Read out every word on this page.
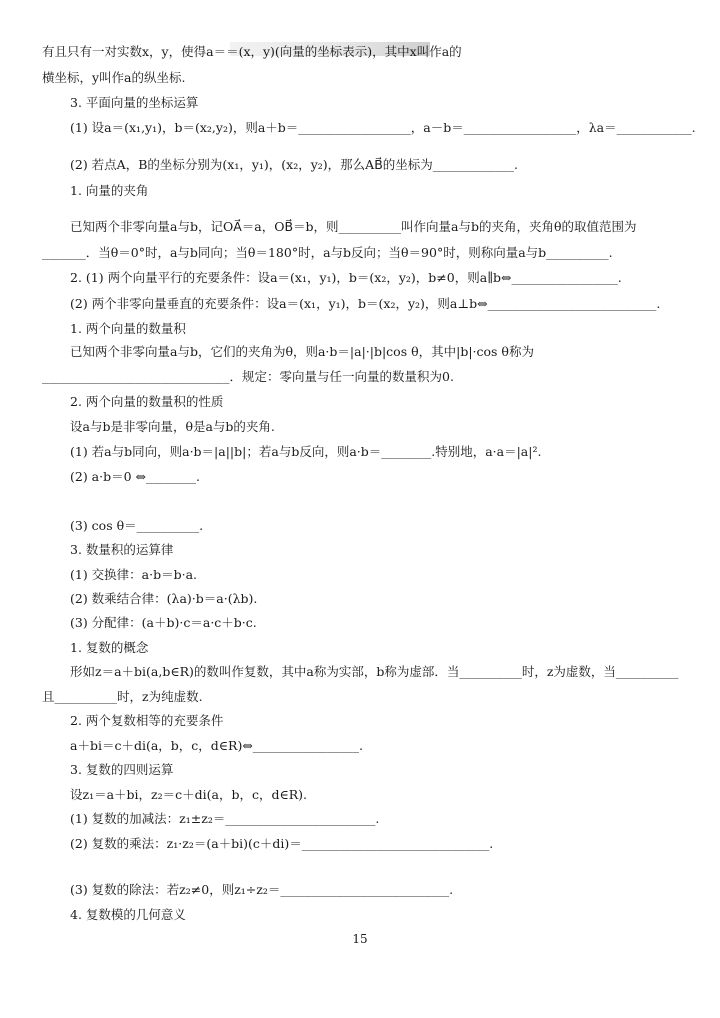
有且只有一对实数x，y，使得a＝＝(x，y)(向量的坐标表示)，其中x叫作a的
横坐标，y叫作a的纵坐标.
3. 平面向量的坐标运算
(1) 设a＝(x₁,y₁)，b＝(x₂,y₂)，则a＋b＝__________________，a－b＝__________________，λa＝____________.
(2) 若点A，B的坐标分别为(x₁，y₁)，(x₂，y₂)，那么AB⃗的坐标为_____________.
1. 向量的夹角
已知两个非零向量a与b，记OA⃗＝a，OB⃗＝b，则__________叫作向量a与b的夹角，夹角θ的取值范围为
_______．当θ＝0°时，a与b同向；当θ＝180°时，a与b反向；当θ＝90°时，则称向量a与b__________.
2. (1) 两个向量平行的充要条件：设a＝(x₁，y₁)，b＝(x₂，y₂)，b≠0，则a∥b⇔_________________.
(2) 两个非零向量垂直的充要条件：设a＝(x₁，y₁)，b＝(x₂，y₂)，则a⊥b⇔___________________________.
1. 两个向量的数量积
已知两个非零向量a与b，它们的夹角为θ，则a·b＝|a|·|b|cos θ，其中|b|·cos θ称为
______________________________．规定：零向量与任一向量的数量积为0.
2. 两个向量的数量积的性质
设a与b是非零向量，θ是a与b的夹角.
(1) 若a与b同向，则a·b＝|a||b|；若a与b反向，则a·b＝________.特别地，a·a＝|a|².
(2) a·b＝0 ⇔________.
(3) cos θ＝__________.
3. 数量积的运算律
(1) 交换律：a·b＝b·a.
(2) 数乘结合律：(λa)·b＝a·(λb).
(3) 分配律：(a＋b)·c＝a·c＋b·c.
1. 复数的概念
形如z＝a＋bi(a,b∈R)的数叫作复数，其中a称为实部，b称为虚部．当__________时，z为虚数，当__________
且__________时，z为纯虚数.
2. 两个复数相等的充要条件
a＋bi＝c＋di(a，b，c，d∈R)⇔_________________.
3. 复数的四则运算
设z₁＝a＋bi，z₂＝c＋di(a，b，c，d∈R).
(1) 复数的加减法：z₁±z₂＝________________________.
(2) 复数的乘法：z₁·z₂＝(a＋bi)(c＋di)＝______________________________.
(3) 复数的除法：若z₂≠0，则z₁÷z₂＝___________________________.
4. 复数模的几何意义
15
